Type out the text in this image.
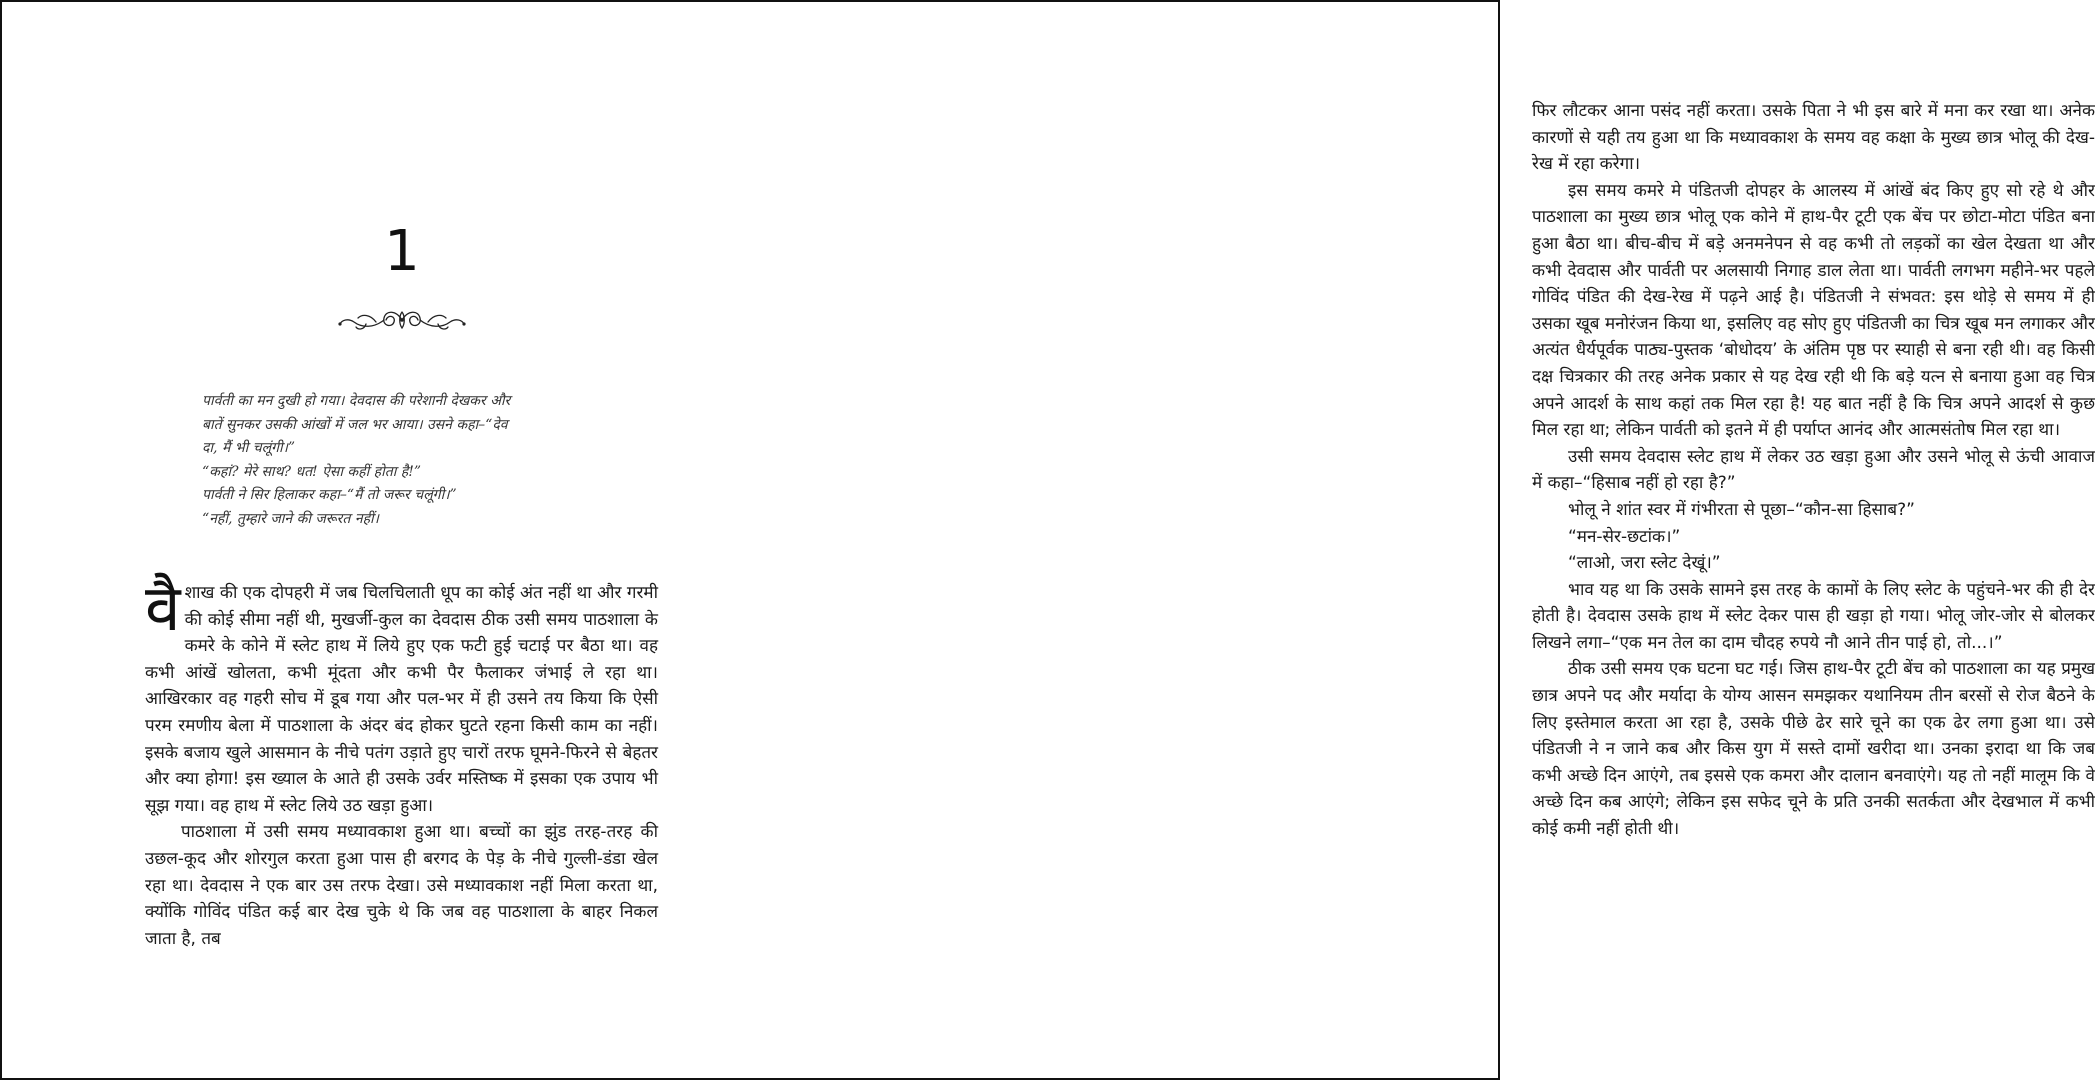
1

पार्वती का मन दुखी हो गया। देवदास की परेशानी देखकर और

बातें सुनकर उसकी आंखों में जल भर आया। उसने कहा–“देव

दा, मैं भी चलूंगी।”

“कहां? मेरे साथ? धत! ऐसा कहीं होता है!”

पार्वती ने सिर हिलाकर कहा–“मैं तो जरूर चलूंगी।”

“नहीं, तुम्हारे जाने की जरूरत नहीं।

वैशाख की एक दोपहरी में जब चिलचिलाती धूप का कोई अंत नहीं था और गरमी की कोई सीमा नहीं थी, मुखर्जी-कुल का देवदास ठीक उसी समय पाठशाला के कमरे के कोने में स्लेट हाथ में लिये हुए एक फटी हुई चटाई पर बैठा था। वह कभी आंखें खोलता, कभी मूंदता और कभी पैर फैलाकर जंभाई ले रहा था। आखिरकार वह गहरी सोच में डूब गया और पल-भर में ही उसने तय किया कि ऐसी परम रमणीय बेला में पाठशाला के अंदर बंद होकर घुटते रहना किसी काम का नहीं। इसके बजाय खुले आसमान के नीचे पतंग उड़ाते हुए चारों तरफ घूमने-फिरने से बेहतर और क्या होगा! इस ख्याल के आते ही उसके उर्वर मस्तिष्क में इसका एक उपाय भी सूझ गया। वह हाथ में स्लेट लिये उठ खड़ा हुआ।

पाठशाला में उसी समय मध्यावकाश हुआ था। बच्चों का झुंड तरह-तरह की उछल-कूद और शोरगुल करता हुआ पास ही बरगद के पेड़ के नीचे गुल्ली-डंडा खेल रहा था। देवदास ने एक बार उस तरफ देखा। उसे मध्यावकाश नहीं मिला करता था, क्योंकि गोविंद पंडित कई बार देख चुके थे कि जब वह पाठशाला के बाहर निकल जाता है, तब

फिर लौटकर आना पसंद नहीं करता। उसके पिता ने भी इस बारे में मना कर रखा था। अनेक कारणों से यही तय हुआ था कि मध्यावकाश के समय वह कक्षा के मुख्य छात्र भोलू की देख-रेख में रहा करेगा।

इस समय कमरे मे पंडितजी दोपहर के आलस्य में आंखें बंद किए हुए सो रहे थे और पाठशाला का मुख्य छात्र भोलू एक कोने में हाथ-पैर टूटी एक बेंच पर छोटा-मोटा पंडित बना हुआ बैठा था। बीच-बीच में बड़े अनमनेपन से वह कभी तो लड़कों का खेल देखता था और कभी देवदास और पार्वती पर अलसायी निगाह डाल लेता था। पार्वती लगभग महीने-भर पहले गोविंद पंडित की देख-रेख में पढ़ने आई है। पंडितजी ने संभवत: इस थोड़े से समय में ही उसका खूब मनोरंजन किया था, इसलिए वह सोए हुए पंडितजी का चित्र खूब मन लगाकर और अत्यंत धैर्यपूर्वक पाठ्य-पुस्तक ‘बोधोदय’ के अंतिम पृष्ठ पर स्याही से बना रही थी। वह किसी दक्ष चित्रकार की तरह अनेक प्रकार से यह देख रही थी कि बड़े यत्न से बनाया हुआ वह चित्र अपने आदर्श के साथ कहां तक मिल रहा है! यह बात नहीं है कि चित्र अपने आदर्श से कुछ मिल रहा था; लेकिन पार्वती को इतने में ही पर्याप्त आनंद और आत्मसंतोष मिल रहा था।

उसी समय देवदास स्लेट हाथ में लेकर उठ खड़ा हुआ और उसने भोलू से ऊंची आवाज में कहा–“हिसाब नहीं हो रहा है?”

भोलू ने शांत स्वर में गंभीरता से पूछा–“कौन-सा हिसाब?”

“मन-सेर-छटांक।”

“लाओ, जरा स्लेट देखूं।”

भाव यह था कि उसके सामने इस तरह के कामों के लिए स्लेट के पहुंचने-भर की ही देर होती है। देवदास उसके हाथ में स्लेट देकर पास ही खड़ा हो गया। भोलू जोर-जोर से बोलकर लिखने लगा–“एक मन तेल का दाम चौदह रुपये नौ आने तीन पाई हो, तो...।”

ठीक उसी समय एक घटना घट गई। जिस हाथ-पैर टूटी बेंच को पाठशाला का यह प्रमुख छात्र अपने पद और मर्यादा के योग्य आसन समझकर यथानियम तीन बरसों से रोज बैठने के लिए इस्तेमाल करता आ रहा है, उसके पीछे ढेर सारे चूने का एक ढेर लगा हुआ था। उसे पंडितजी ने न जाने कब और किस युग में सस्ते दामों खरीदा था। उनका इरादा था कि जब कभी अच्छे दिन आएंगे, तब इससे एक कमरा और दालान बनवाएंगे। यह तो नहीं मालूम कि वे अच्छे दिन कब आएंगे; लेकिन इस सफेद चूने के प्रति उनकी सतर्कता और देखभाल में कभी कोई कमी नहीं होती थी।
